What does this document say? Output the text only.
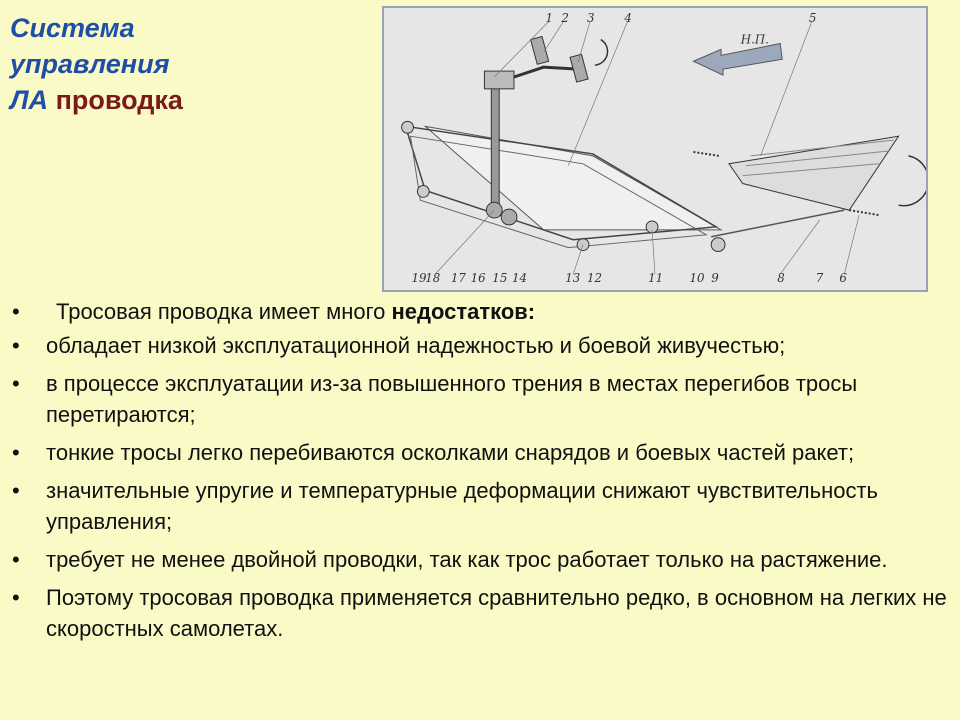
Система
управления
ЛА проводка
Н.П.
1 2 3 4	5
19
18 17 16 15 14	13 12	11 10 9	8	7 6
• Тросовая проводка имеет много недостатков:
• обладает низкой эксплуатационной надежностью и боевой живучестью;
• в процессе эксплуатации из-за повышенного трения в местах перегибов тросы перетираются;
• тонкие тросы легко перебиваются осколками снарядов и боевых частей ракет;
• значительные упругие и температурные деформации снижают чувствительность управления;
• требует не менее двойной проводки, так как трос работает только на растяжение.
• Поэтому тросовая проводка применяется сравнительно редко, в основном на легких не скоростных самолетах.
